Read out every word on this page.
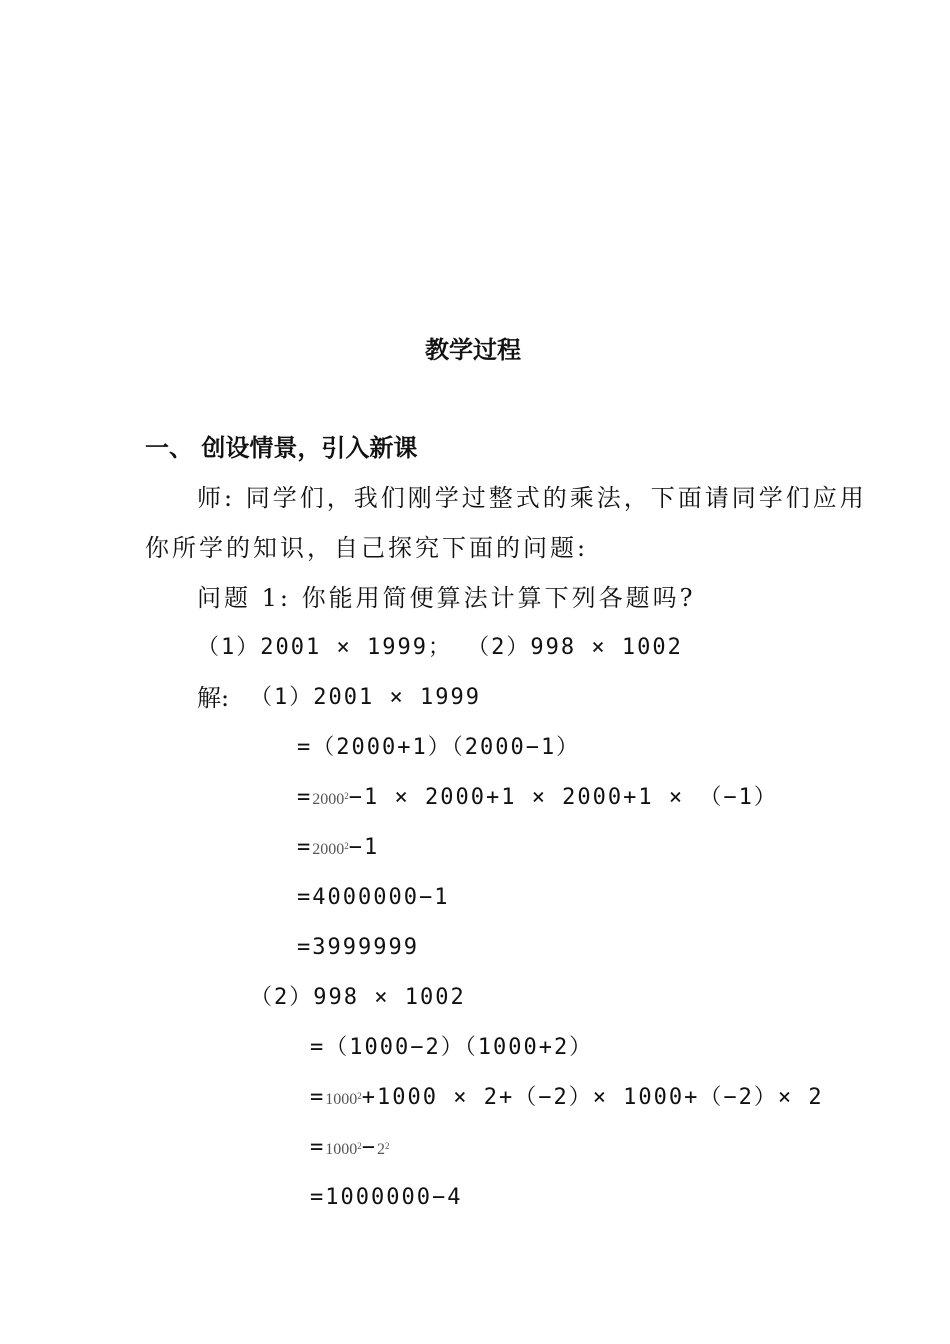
教学过程
一、 创设情景，引入新课
师: 同学们，我们刚学过整式的乘法，下面请同学们应用
你所学的知识，自己探究下面的问题:
问题 1: 你能用简便算法计算下列各题吗?
（1）2001 × 1999； （2）998 × 1002
解: （1）2001 × 1999
=（2000+1）（2000−1）
$=2000^2-1 \times 2000+1 \times 2000+1 \times (-1)$
$=2000^2-1$
=4000000−1
=3999999
（2）998 × 1002
=（1000−2）（1000+2）
$=1000^2+1000 \times 2+(-2)\times 1000+(-2)\times 2$
$=1000^2-2^2$
=1000000−4
